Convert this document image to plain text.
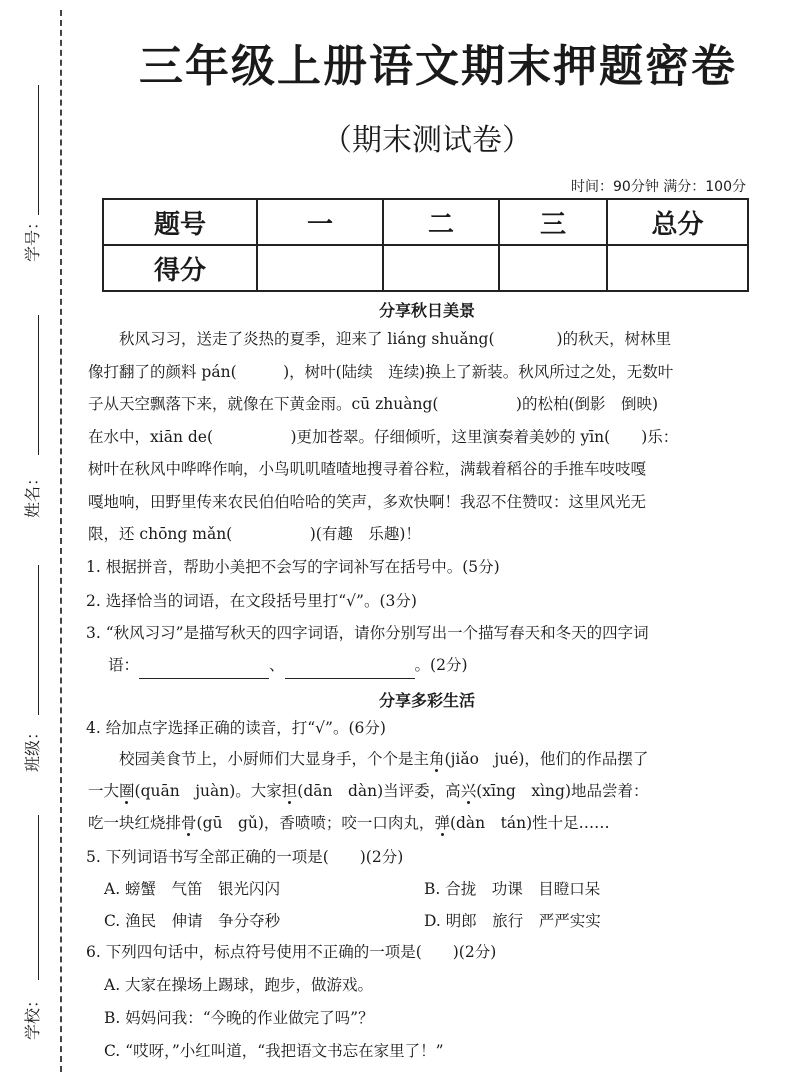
学号：
姓名：
班级：
学校：
三年级上册语文期末押题密卷
（期末测试卷）
时间：90分钟 满分：100分
题号	一	二	三	总分
得分				
分享秋日美景

秋风习习，送走了炎热的夏季，迎来了 liáng shuǎng(　　　　)的秋天，树林里

像打翻了的颜料 pán(　　　)，树叶(陆续　连续)换上了新装。秋风所过之处，无数叶
子从天空飘落下来，就像在下黄金雨。cū zhuàng(　　　　　)的松柏(倒影　倒映)
在水中，xiān de(　　　　　)更加苍翠。仔细倾听，这里演奏着美妙的 yīn(　　)乐：
树叶在秋风中哗哗作响，小鸟叽叽喳喳地搜寻着谷粒，满载着稻谷的手推车吱吱嘎
嘎地响，田野里传来农民伯伯哈哈的笑声，多欢快啊！我忍不住赞叹：这里风光无
限，还 chōng mǎn(　　　　　)(有趣　乐趣)！
1. 根据拼音，帮助小美把不会写的字词补写在括号中。(5分)
2. 选择恰当的词语，在文段括号里打“√”。(3分)
3. “秋风习习”是描写秋天的四字词语，请你分别写出一个描写春天和冬天的四字词
语：	、	。(2分)
分享多彩生活
4. 给加点字选择正确的读音，打“√”。(6分)

校园美食节上，小厨师们大显身手，个个是主角(jiǎo　jué)，他们的作品摆了

一大圈(quān　juàn)。大家担(dān　dàn)当评委，高兴(xīng　xìng)地品尝着：
吃一块红烧排骨(gū　gǔ)，香喷喷；咬一口肉丸，弹(dàn　tán)性十足……
5. 下列词语书写全部正确的一项是(　　)(2分)
A. 螃蟹　气笛　银光闪闪	B. 合拢　功课　目瞪口呆
C. 渔民　伸请　争分夺秒	D. 明郎　旅行　严严实实
6. 下列四句话中，标点符号使用不正确的一项是(　　)(2分)
A. 大家在操场上踢球，跑步，做游戏。
B. 妈妈问我：“今晚的作业做完了吗”？
C. “哎呀，”小红叫道，“我把语文书忘在家里了！”
